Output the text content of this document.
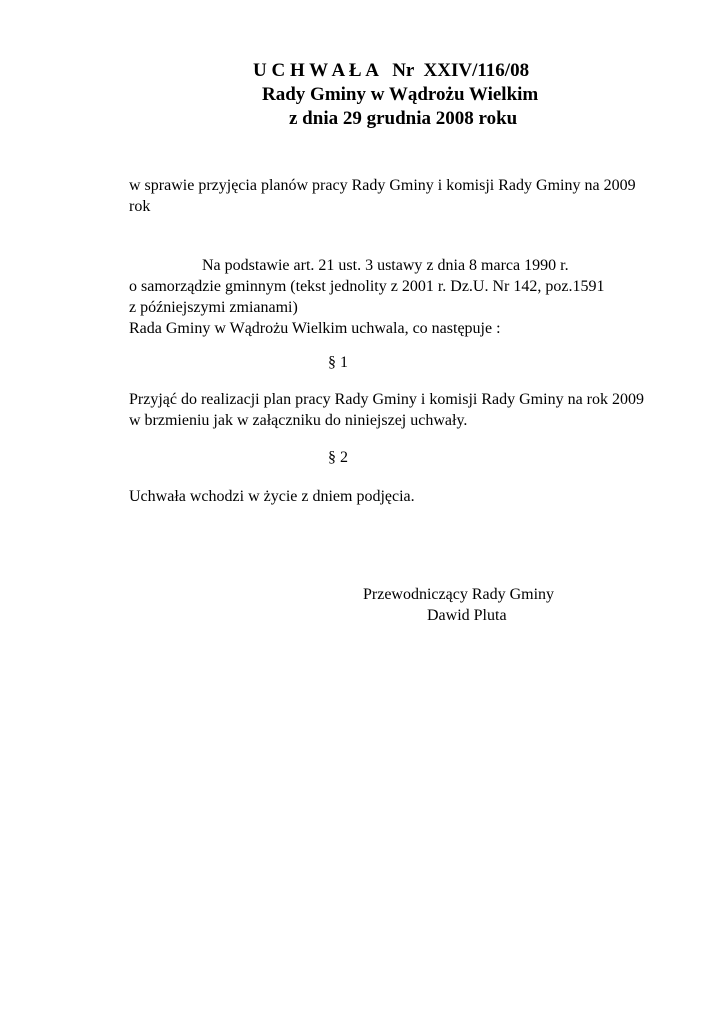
U C H W A Ł A   Nr  XXIV/116/08
Rady Gminy w Wądrożu Wielkim
z dnia 29 grudnia 2008 roku
w sprawie przyjęcia planów pracy Rady Gminy i komisji Rady Gminy na 2009
rok
Na podstawie art. 21 ust. 3 ustawy z dnia 8 marca 1990 r.
o samorządzie gminnym (tekst jednolity z 2001 r. Dz.U. Nr 142, poz.1591
z późniejszymi zmianami)
Rada Gminy w Wądrożu Wielkim uchwala, co następuje :
§ 1
Przyjąć do realizacji plan pracy Rady Gminy i komisji Rady Gminy na rok 2009
w brzmieniu jak w załączniku do niniejszej uchwały.
§ 2
Uchwała wchodzi w życie z dniem podjęcia.
Przewodniczący Rady Gminy
Dawid Pluta
